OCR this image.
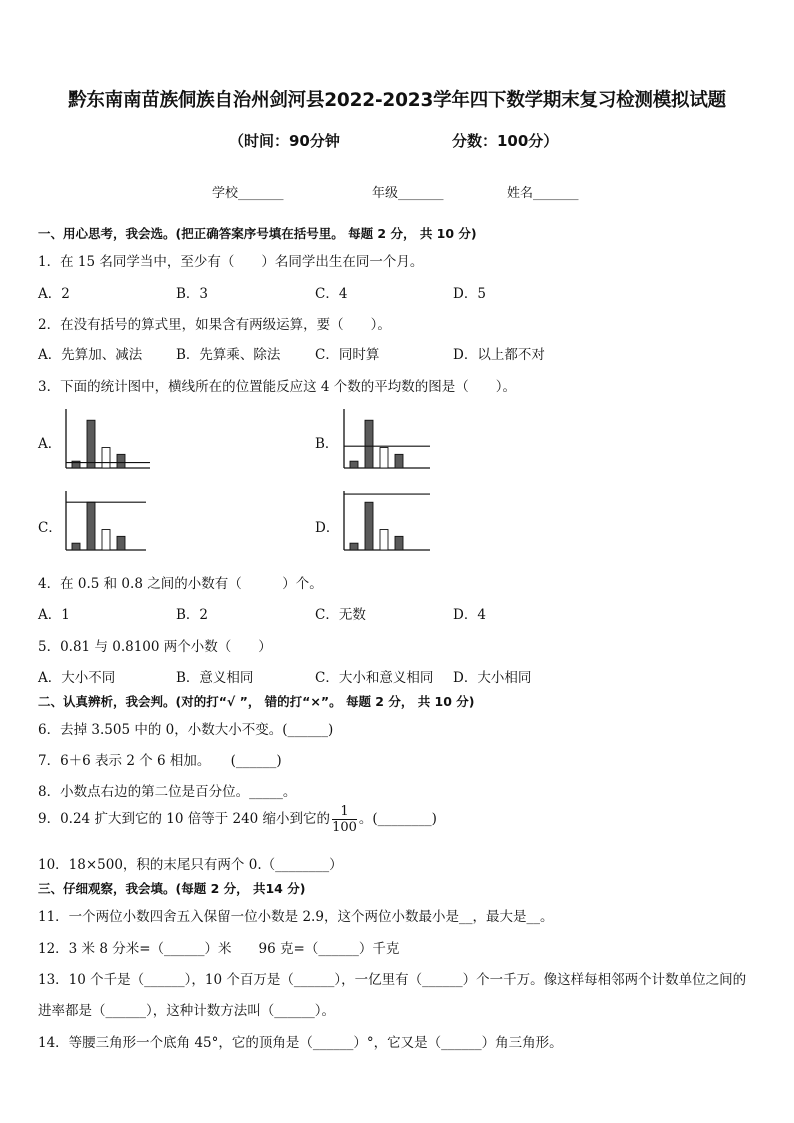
黔东南南苗族侗族自治州剑河县2022-2023学年四下数学期末复习检测模拟试题
（时间：90分钟	分数：100分）
学校_______	年级_______	姓名_______
一、用心思考，我会选。(把正确答案序号填在括号里。 每题 2 分， 共 10 分)
1．在 15 名同学当中，至少有（　　）名同学出生在同一个月。
A．2	B．3	C．4	D．5
2．在没有括号的算式里，如果含有两级运算，要（　　）。
A．先算加、减法	B．先算乘、除法	C．同时算	D．以上都不对
3．下面的统计图中，横线所在的位置能反应这 4 个数的平均数的图是（　　）。
A．	B．
C．	D．
4．在 0.5 和 0.8 之间的小数有（　　　）个。
A．1	B．2	C．无数	D．4
5．0.81 与 0.8100 两个小数（　　）
A．大小不同	B．意义相同	C．大小和意义相同 D．大小相同
二、认真辨析，我会判。(对的打“√ ”， 错的打“×”。 每题 2 分， 共 10 分)
6．去掉 3.505 中的 0，小数大小不变。(______)
7．6＋6 表示 2 个 6 相加。　　(______)
8．小数点右边的第二位是百分位。_____。
9．0.24 扩大到它的 10 倍等于 240 缩小到它的 $\frac{1}{100}$ 。(________)
10．18×500，积的末尾只有两个 0.（________）
三、仔细观察，我会填。(每题 2 分， 共14 分)
11．一个两位小数四舍五入保留一位小数是 2.9，这个两位小数最小是__，最大是__。
12．3 米 8 分米=（______）米　　96 克=（______）千克
13．10 个千是（______），10 个百万是（______），一亿里有（______）个一千万。像这样每相邻两个计数单位之间的
进率都是（______），这种计数方法叫（______）。
14．等腰三角形一个底角 45°，它的顶角是（______）°，它又是（______）角三角形。
